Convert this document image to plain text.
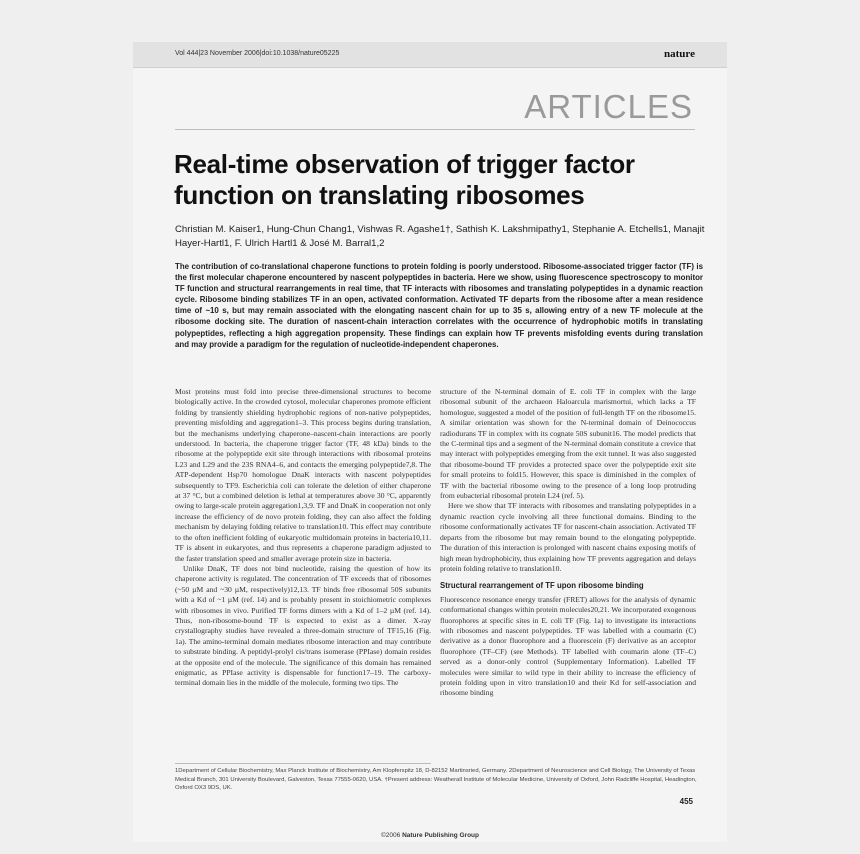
Vol 444|23 November 2006|doi:10.1038/nature05225	nature
ARTICLES
Real-time observation of trigger factor function on translating ribosomes
Christian M. Kaiser1, Hung-Chun Chang1, Vishwas R. Agashe1†, Sathish K. Lakshmipathy1, Stephanie A. Etchells1, Manajit Hayer-Hartl1, F. Ulrich Hartl1 & José M. Barral1,2
The contribution of co-translational chaperone functions to protein folding is poorly understood. Ribosome-associated trigger factor (TF) is the first molecular chaperone encountered by nascent polypeptides in bacteria. Here we show, using fluorescence spectroscopy to monitor TF function and structural rearrangements in real time, that TF interacts with ribosomes and translating polypeptides in a dynamic reaction cycle. Ribosome binding stabilizes TF in an open, activated conformation. Activated TF departs from the ribosome after a mean residence time of ~10 s, but may remain associated with the elongating nascent chain for up to 35 s, allowing entry of a new TF molecule at the ribosome docking site. The duration of nascent-chain interaction correlates with the occurrence of hydrophobic motifs in translating polypeptides, reflecting a high aggregation propensity. These findings can explain how TF prevents misfolding events during translation and may provide a paradigm for the regulation of nucleotide-independent chaperones.

Most proteins must fold into precise three-dimensional structures to become biologically active. In the crowded cytosol, molecular chaperones promote efficient folding by transiently shielding hydrophobic regions of non-native polypeptides, preventing misfolding and aggregation1–3. This process begins during translation, but the mechanisms underlying chaperone–nascent-chain interactions are poorly understood. In bacteria, the chaperone trigger factor (TF, 48 kDa) binds to the ribosome at the polypeptide exit site through interactions with ribosomal proteins L23 and L29 and the 23S RNA4–6, and contacts the emerging polypeptide7,8. The ATP-dependent Hsp70 homologue DnaK interacts with nascent polypeptides subsequently to TF9. Escherichia coli can tolerate the deletion of either chaperone at 37 °C, but a combined deletion is lethal at temperatures above 30 °C, apparently owing to large-scale protein aggregation1,3,9. TF and DnaK in cooperation not only increase the efficiency of de novo protein folding, they can also affect the folding mechanism by delaying folding relative to translation10. This effect may contribute to the often inefficient folding of eukaryotic multidomain proteins in bacteria10,11. TF is absent in eukaryotes, and thus represents a chaperone paradigm adjusted to the faster translation speed and smaller average protein size in bacteria.

Unlike DnaK, TF does not bind nucleotide, raising the question of how its chaperone activity is regulated. The concentration of TF exceeds that of ribosomes (~50 µM and ~30 µM, respectively)12,13. TF binds free ribosomal 50S subunits with a Kd of ~1 µM (ref. 14) and is probably present in stoichiometric complexes with ribosomes in vivo. Purified TF forms dimers with a Kd of 1–2 µM (ref. 14). Thus, non-ribosome-bound TF is expected to exist as a dimer. X-ray crystallography studies have revealed a three-domain structure of TF15,16 (Fig. 1a). The amino-terminal domain mediates ribosome interaction and may contribute to substrate binding. A peptidyl-prolyl cis/trans isomerase (PPIase) domain resides at the opposite end of the molecule. The significance of this domain has remained enigmatic, as PPIase activity is dispensable for function17–19. The carboxy-terminal domain lies in the middle of the molecule, forming two tips. The

structure of the N-terminal domain of E. coli TF in complex with the large ribosomal subunit of the archaeon Haloarcula marismortui, which lacks a TF homologue, suggested a model of the position of full-length TF on the ribosome15. A similar orientation was shown for the N-terminal domain of Deinococcus radiodurans TF in complex with its cognate 50S subunit16. The model predicts that the C-terminal tips and a segment of the N-terminal domain constitute a crevice that may interact with polypeptides emerging from the exit tunnel. It was also suggested that ribosome-bound TF provides a protected space over the polypeptide exit site for small proteins to fold15. However, this space is diminished in the complex of TF with the bacterial ribosome owing to the presence of a long loop protruding from eubacterial ribosomal protein L24 (ref. 5).

Here we show that TF interacts with ribosomes and translating polypeptides in a dynamic reaction cycle involving all three functional domains. Binding to the ribosome conformationally activates TF for nascent-chain association. Activated TF departs from the ribosome but may remain bound to the elongating polypeptide. The duration of this interaction is prolonged with nascent chains exposing motifs of high mean hydrophobicity, thus explaining how TF prevents aggregation and delays protein folding relative to translation10.

Structural rearrangement of TF upon ribosome binding

Fluorescence resonance energy transfer (FRET) allows for the analysis of dynamic conformational changes within protein molecules20,21. We incorporated exogenous fluorophores at specific sites in E. coli TF (Fig. 1a) to investigate its interactions with ribosomes and nascent polypeptides. TF was labelled with a coumarin (C) derivative as a donor fluorophore and a fluorescein (F) derivative as an acceptor fluorophore (TF–CF) (see Methods). TF labelled with coumarin alone (TF–C) served as a donor-only control (Supplementary Information). Labelled TF molecules were similar to wild type in their ability to increase the efficiency of protein folding upon in vitro translation10 and their Kd for self-association and ribosome binding

1Department of Cellular Biochemistry, Max Planck Institute of Biochemistry, Am Klopferspitz 18, D-82152 Martinsried, Germany. 2Department of Neuroscience and Cell Biology, The University of Texas Medical Branch, 301 University Boulevard, Galveston, Texas 77555-0620, USA. †Present address: Weatherall Institute of Molecular Medicine, University of Oxford, John Radcliffe Hospital, Headington, Oxford OX3 9DS, UK.
455
©2006 Nature Publishing Group
